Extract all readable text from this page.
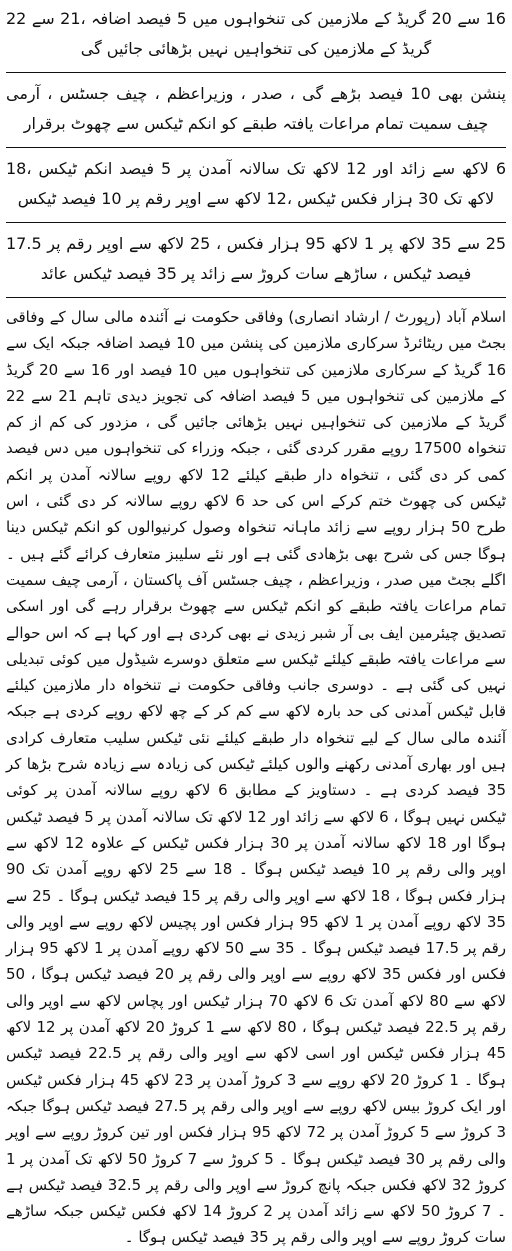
16 سے 20 گریڈ کے ملازمین کی تنخواہوں میں 5 فیصد اضافہ ،21 سے 22 گریڈ کے ملازمین کی تنخواہیں نہیں بڑھائی جائیں گی
پنشن بھی 10 فیصد بڑھے گی ، صدر ، وزیراعظم ، چیف جسٹس ، آرمی چیف سمیت تمام مراعات یافتہ طبقے کو انکم ٹیکس سے چھوٹ برقرار
6 لاکھ سے زائد اور 12 لاکھ تک سالانہ آمدن پر 5 فیصد انکم ٹیکس ،18 لاکھ تک 30 ہزار فکس ٹیکس ،12 لاکھ سے اوپر رقم پر 10 فیصد ٹیکس
25 سے 35 لاکھ پر 1 لاکھ 95 ہزار فکس ، 25 لاکھ سے اوپر رقم پر 17.5 فیصد ٹیکس ، ساڑھے سات کروڑ سے زائد پر 35 فیصد ٹیکس عائد
اسلام آباد (رپورٹ / ارشاد انصاری) وفاقی حکومت نے آئندہ مالی سال کے وفاقی بجٹ میں ریٹائرڈ سرکاری ملازمین کی پنشن میں 10 فیصد اضافہ جبکہ ایک سے 16 گریڈ کے سرکاری ملازمین کی تنخواہوں میں 10 فیصد اور 16 سے 20 گریڈ کے ملازمین کی تنخواہوں میں 5 فیصد اضافہ کی تجویز دیدی تاہم 21 سے 22 گریڈ کے ملازمین کی تنخواہیں نہیں بڑھائی جائیں گی ، مزدور کی کم از کم تنخواہ 17500 روپے مقرر کردی گئی ، جبکہ وزراء کی تنخواہوں میں دس فیصد کمی کر دی گئی ، تنخواہ دار طبقے کیلئے 12 لاکھ روپے سالانہ آمدن پر انکم ٹیکس کی چھوٹ ختم کرکے اس کی حد 6 لاکھ روپے سالانہ کر دی گئی ، اس طرح 50 ہزار روپے سے زائد ماہانہ تنخواہ وصول کرنیوالوں کو انکم ٹیکس دینا ہوگا جس کی شرح بھی بڑھادی گئی ہے اور نئے سلیبز متعارف کرائے گئے ہیں ۔ اگلے بجٹ میں صدر ، وزیراعظم ، چیف جسٹس آف پاکستان ، آرمی چیف سمیت تمام مراعات یافتہ طبقے کو انکم ٹیکس سے چھوٹ برقرار رہے گی اور اسکی تصدیق چیئرمین ایف بی آر شبر زیدی نے بھی کردی ہے اور کہا ہے کہ اس حوالے سے مراعات یافتہ طبقے کیلئے ٹیکس سے متعلق دوسرے شیڈول میں کوئی تبدیلی نہیں کی گئی ہے ۔ دوسری جانب وفاقی حکومت نے تنخواہ دار ملازمین کیلئے قابل ٹیکس آمدنی کی حد بارہ لاکھ سے کم کر کے چھ لاکھ روپے کردی ہے جبکہ آئندہ مالی سال کے لیے تنخواہ دار طبقے کیلئے نئی ٹیکس سلیب متعارف کرادی ہیں اور بھاری آمدنی رکھنے والوں کیلئے ٹیکس کی زیادہ سے زیادہ شرح بڑھا کر 35 فیصد کردی ہے ۔ دستاویز کے مطابق 6 لاکھ روپے سالانہ آمدن پر کوئی ٹیکس نہیں ہوگا ، 6 لاکھ سے زائد اور 12 لاکھ تک سالانہ آمدن پر 5 فیصد ٹیکس ہوگا اور 18 لاکھ سالانہ آمدن پر 30 ہزار فکس ٹیکس کے علاوہ 12 لاکھ سے اوپر والی رقم پر 10 فیصد ٹیکس ہوگا ۔ 18 سے 25 لاکھ روپے آمدن تک 90 ہزار فکس ہوگا ، 18 لاکھ سے اوپر والی رقم پر 15 فیصد ٹیکس ہوگا ۔ 25 سے 35 لاکھ روپے آمدن پر 1 لاکھ 95 ہزار فکس اور پچیس لاکھ روپے سے اوپر والی رقم پر 17.5 فیصد ٹیکس ہوگا ۔ 35 سے 50 لاکھ روپے آمدن پر 1 لاکھ 95 ہزار فکس اور فکس 35 لاکھ روپے سے اوپر والی رقم پر 20 فیصد ٹیکس ہوگا ، 50 لاکھ سے 80 لاکھ آمدن تک 6 لاکھ 70 ہزار ٹیکس اور پچاس لاکھ سے اوپر والی رقم پر 22.5 فیصد ٹیکس ہوگا ، 80 لاکھ سے 1 کروڑ 20 لاکھ آمدن پر 12 لاکھ 45 ہزار فکس ٹیکس اور اسی لاکھ سے اوپر والی رقم پر 22.5 فیصد ٹیکس ہوگا ۔ 1 کروڑ 20 لاکھ روپے سے 3 کروڑ آمدن پر 23 لاکھ 45 ہزار فکس ٹیکس اور ایک کروڑ بیس لاکھ روپے سے اوپر والی رقم پر 27.5 فیصد ٹیکس ہوگا جبکہ 3 کروڑ سے 5 کروڑ آمدن پر 72 لاکھ 95 ہزار فکس اور تین کروڑ روپے سے اوپر والی رقم پر 30 فیصد ٹیکس ہوگا ۔ 5 کروڑ سے 7 کروڑ 50 لاکھ تک آمدن پر 1 کروڑ 32 لاکھ فکس جبکہ پانچ کروڑ سے اوپر والی رقم پر 32.5 فیصد ٹیکس ہے ۔ 7 کروڑ 50 لاکھ سے زائد آمدن پر 2 کروڑ 14 لاکھ فکس ٹیکس جبکہ ساڑھے سات کروڑ روپے سے اوپر والی رقم پر 35 فیصد ٹیکس ہوگا ۔
